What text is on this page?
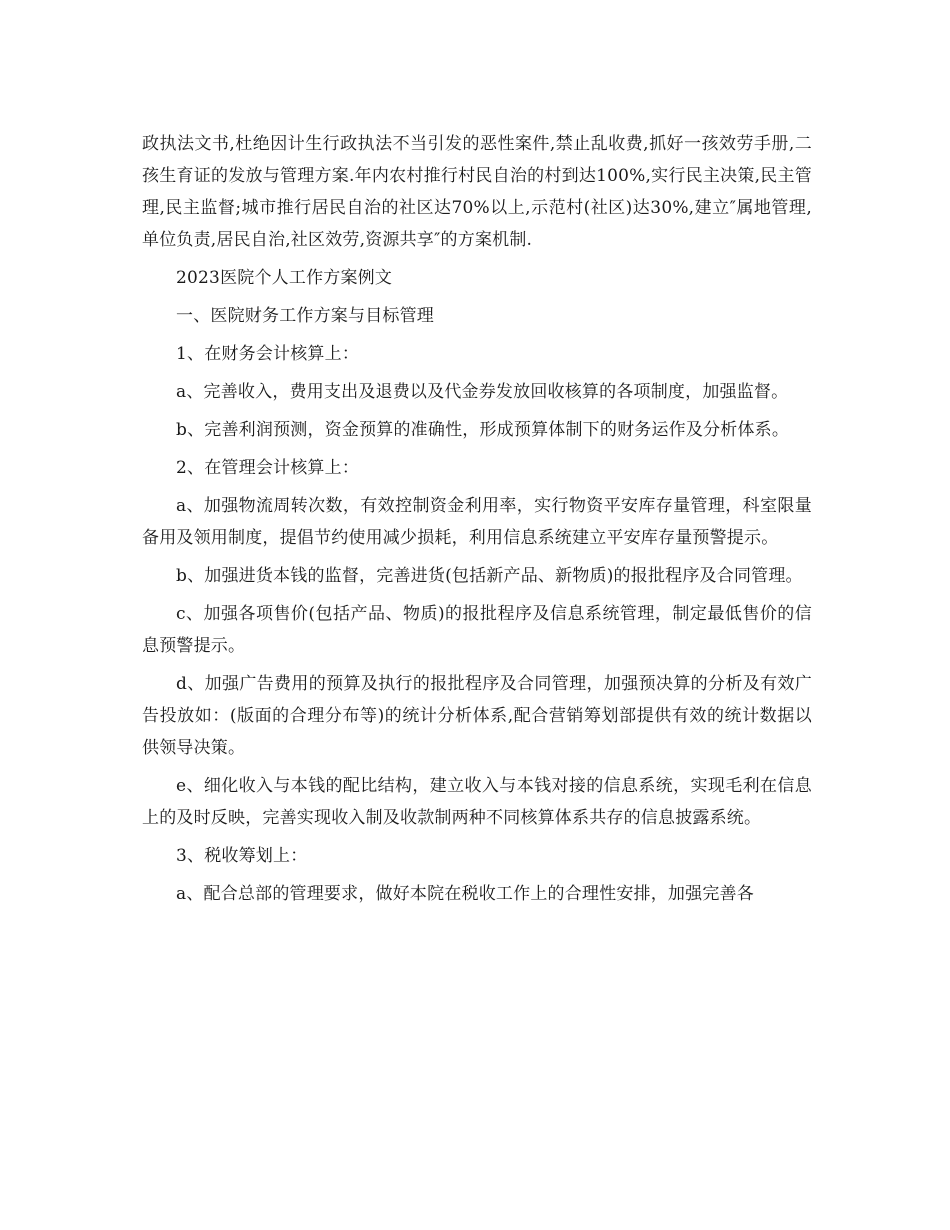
政执法文书,杜绝因计生行政执法不当引发的恶性案件,禁止乱收费,抓好一孩效劳手册,二孩生育证的发放与管理方案.年内农村推行村民自治的村到达100%,实行民主决策,民主管理,民主监督;城市推行居民自治的社区达70%以上,示范村(社区)达30%,建立″属地管理,单位负责,居民自治,社区效劳,资源共享″的方案机制.

2023医院个人工作方案例文

一、医院财务工作方案与目标管理

1、在财务会计核算上：

a、完善收入，费用支出及退费以及代金券发放回收核算的各项制度，加强监督。

b、完善利润预测，资金预算的准确性，形成预算体制下的财务运作及分析体系。

2、在管理会计核算上：

a、加强物流周转次数，有效控制资金利用率，实行物资平安库存量管理，科室限量备用及领用制度，提倡节约使用减少损耗，利用信息系统建立平安库存量预警提示。

b、加强进货本钱的监督，完善进货(包括新产品、新物质)的报批程序及合同管理。

c、加强各项售价(包括产品、物质)的报批程序及信息系统管理，制定最低售价的信息预警提示。

d、加强广告费用的预算及执行的报批程序及合同管理，加强预决算的分析及有效广告投放如：(版面的合理分布等)的统计分析体系,配合营销筹划部提供有效的统计数据以供领导决策。

e、细化收入与本钱的配比结构，建立收入与本钱对接的信息系统，实现毛利在信息上的及时反映，完善实现收入制及收款制两种不同核算体系共存的信息披露系统。

3、税收筹划上：

a、配合总部的管理要求，做好本院在税收工作上的合理性安排，加强完善各
